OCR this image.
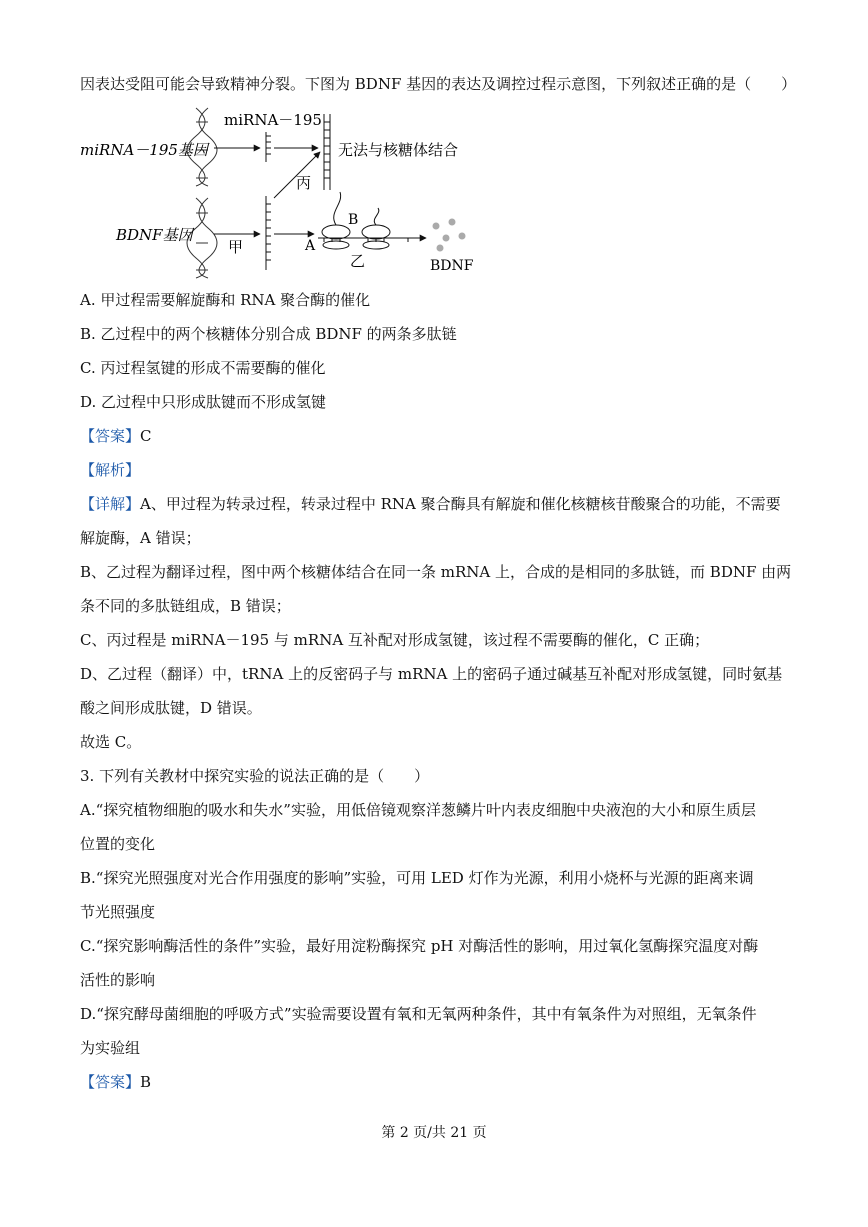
因表达受阻可能会导致精神分裂。下图为 BDNF 基因的表达及调控过程示意图，下列叙述正确的是（　　）
miRNA－195基因
miRNA－195
无法与核糖体结合
丙
BDNF基因
甲	A
B
乙	BDNF
A. 甲过程需要解旋酶和 RNA 聚合酶的催化
B. 乙过程中的两个核糖体分别合成 BDNF 的两条多肽链
C. 丙过程氢键的形成不需要酶的催化
D. 乙过程中只形成肽键而不形成氢键
【答案】C
【解析】
【详解】A、甲过程为转录过程，转录过程中 RNA 聚合酶具有解旋和催化核糖核苷酸聚合的功能，不需要
解旋酶，A 错误；
B、乙过程为翻译过程，图中两个核糖体结合在同一条 mRNA 上，合成的是相同的多肽链，而 BDNF 由两
条不同的多肽链组成，B 错误；
C、丙过程是 miRNA－195 与 mRNA 互补配对形成氢键，该过程不需要酶的催化，C 正确；
D、乙过程（翻译）中，tRNA 上的反密码子与 mRNA 上的密码子通过碱基互补配对形成氢键，同时氨基
酸之间形成肽键，D 错误。
故选 C。
3. 下列有关教材中探究实验的说法正确的是（　　）
A.“探究植物细胞的吸水和失水”实验，用低倍镜观察洋葱鳞片叶内表皮细胞中央液泡的大小和原生质层
位置的变化
B.“探究光照强度对光合作用强度的影响”实验，可用 LED 灯作为光源，利用小烧杯与光源的距离来调
节光照强度
C.“探究影响酶活性的条件”实验，最好用淀粉酶探究 pH 对酶活性的影响，用过氧化氢酶探究温度对酶
活性的影响
D.“探究酵母菌细胞的呼吸方式”实验需要设置有氧和无氧两种条件，其中有氧条件为对照组，无氧条件
为实验组
【答案】B
第 2 页/共 21 页
